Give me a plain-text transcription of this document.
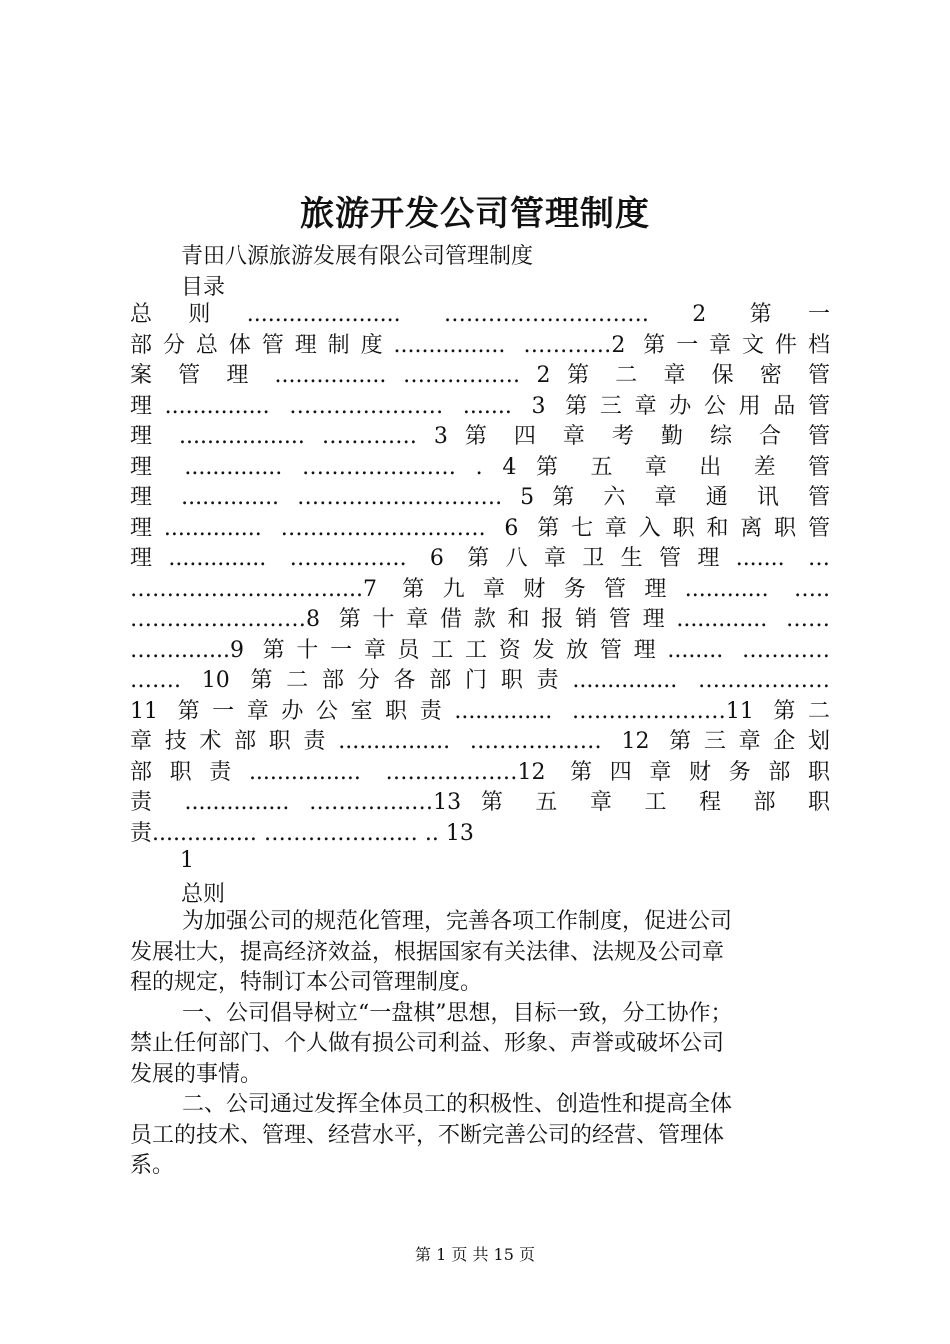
旅游开发公司管理制度
青田八源旅游发展有限公司管理制度
目录
总则...................... ………………………. 2 第一
部分总体管理制度................ …………2 第一章文件档
案 管 理 ................ ……………. 2 第 二 章 保 密 管
理............... ………………… ....... 3 第三章办公用品管
理 .................. …………. 3 第 四 章 考 勤 综 合 管
理 .............. ………………… . 4 第 五 章 出 差 管
理 .............. ………………………. 5 第 六 章 通 讯 管
理.............. ………………………. 6 第七章入职和离职管
理.............. ……………. 6 第八章卫生管理....... …
……………………….....7 第九章财务管理............ …..
……………………8 第十章借款和报销管理............. ……
……........9 第十一章员工工资发放管理........ …………
……. 10 第二部分各部门职责............... ………………
11 第一章办公室职责.............. …………………11 第二
章技术部职责................ ……………… 12 第三章企划
部职责................ ………………12 第四章财务部职
责 ............... …………..…13 第 五 章 工 程 部 职
责............... ………………… .. 13
1
总则
为加强公司的规范化管理，完善各项工作制度，促进公司
发展壮大，提高经济效益，根据国家有关法律、法规及公司章
程的规定，特制订本公司管理制度。
一、公司倡导树立“一盘棋”思想，目标一致，分工协作；
禁止任何部门、个人做有损公司利益、形象、声誉或破坏公司
发展的事情。
二、公司通过发挥全体员工的积极性、创造性和提高全体
员工的技术、管理、经营水平，不断完善公司的经营、管理体
系。
第 1 页 共 15 页
